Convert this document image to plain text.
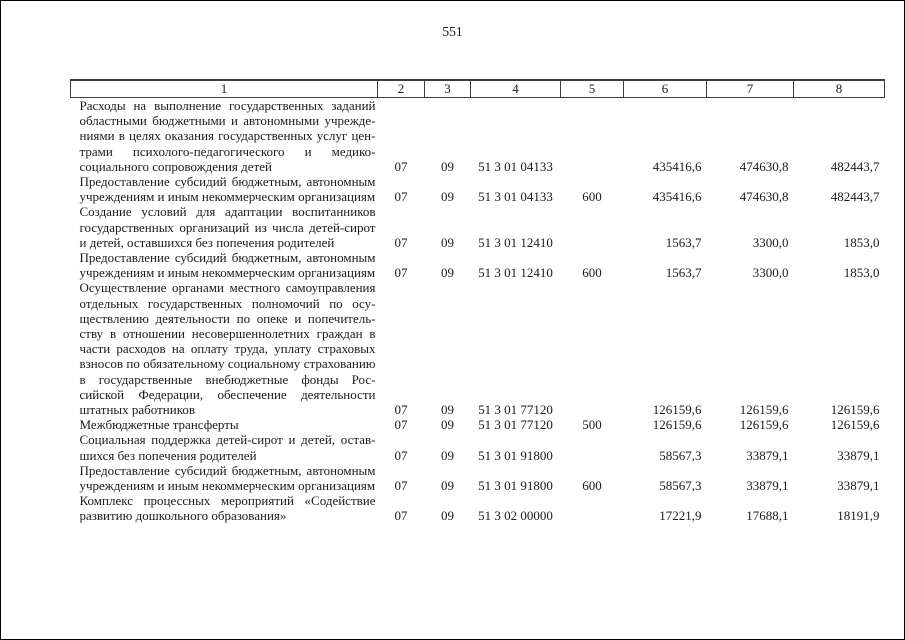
551
1	2	3	4	5	6	7	8
Расходы на выполнение государственных заданий областными бюджетными и автономными учреждениями в целях оказания государственных услуг центрами психолого-педагогического и медико-социального сопровождения детей	07	09	51 3 01 04133		435416,6	474630,8	482443,7
Предоставление субсидий бюджетным, автономным учреждениям и иным некоммерческим организациям	07	09	51 3 01 04133	600	435416,6	474630,8	482443,7
Создание условий для адаптации воспитанников государственных организаций из числа детей-сирот и детей, оставшихся без попечения родителей	07	09	51 3 01 12410		1563,7	3300,0	1853,0
Предоставление субсидий бюджетным, автономным учреждениям и иным некоммерческим организациям	07	09	51 3 01 12410	600	1563,7	3300,0	1853,0
Осуществление органами местного самоуправления отдельных государственных полномочий по осуществлению деятельности по опеке и попечительству в отношении несовершеннолетних граждан в части расходов на оплату труда, уплату страховых взносов по обязательному социальному страхованию в государственные внебюджетные фонды Российской Федерации, обеспечение деятельности штатных работников	07	09	51 3 01 77120		126159,6	126159,6	126159,6
Межбюджетные трансферты	07	09	51 3 01 77120	500	126159,6	126159,6	126159,6
Социальная поддержка детей-сирот и детей, оставшихся без попечения родителей	07	09	51 3 01 91800		58567,3	33879,1	33879,1
Предоставление субсидий бюджетным, автономным учреждениям и иным некоммерческим организациям	07	09	51 3 01 91800	600	58567,3	33879,1	33879,1
Комплекс процессных мероприятий «Содействие развитию дошкольного образования»	07	09	51 3 02 00000		17221,9	17688,1	18191,9
